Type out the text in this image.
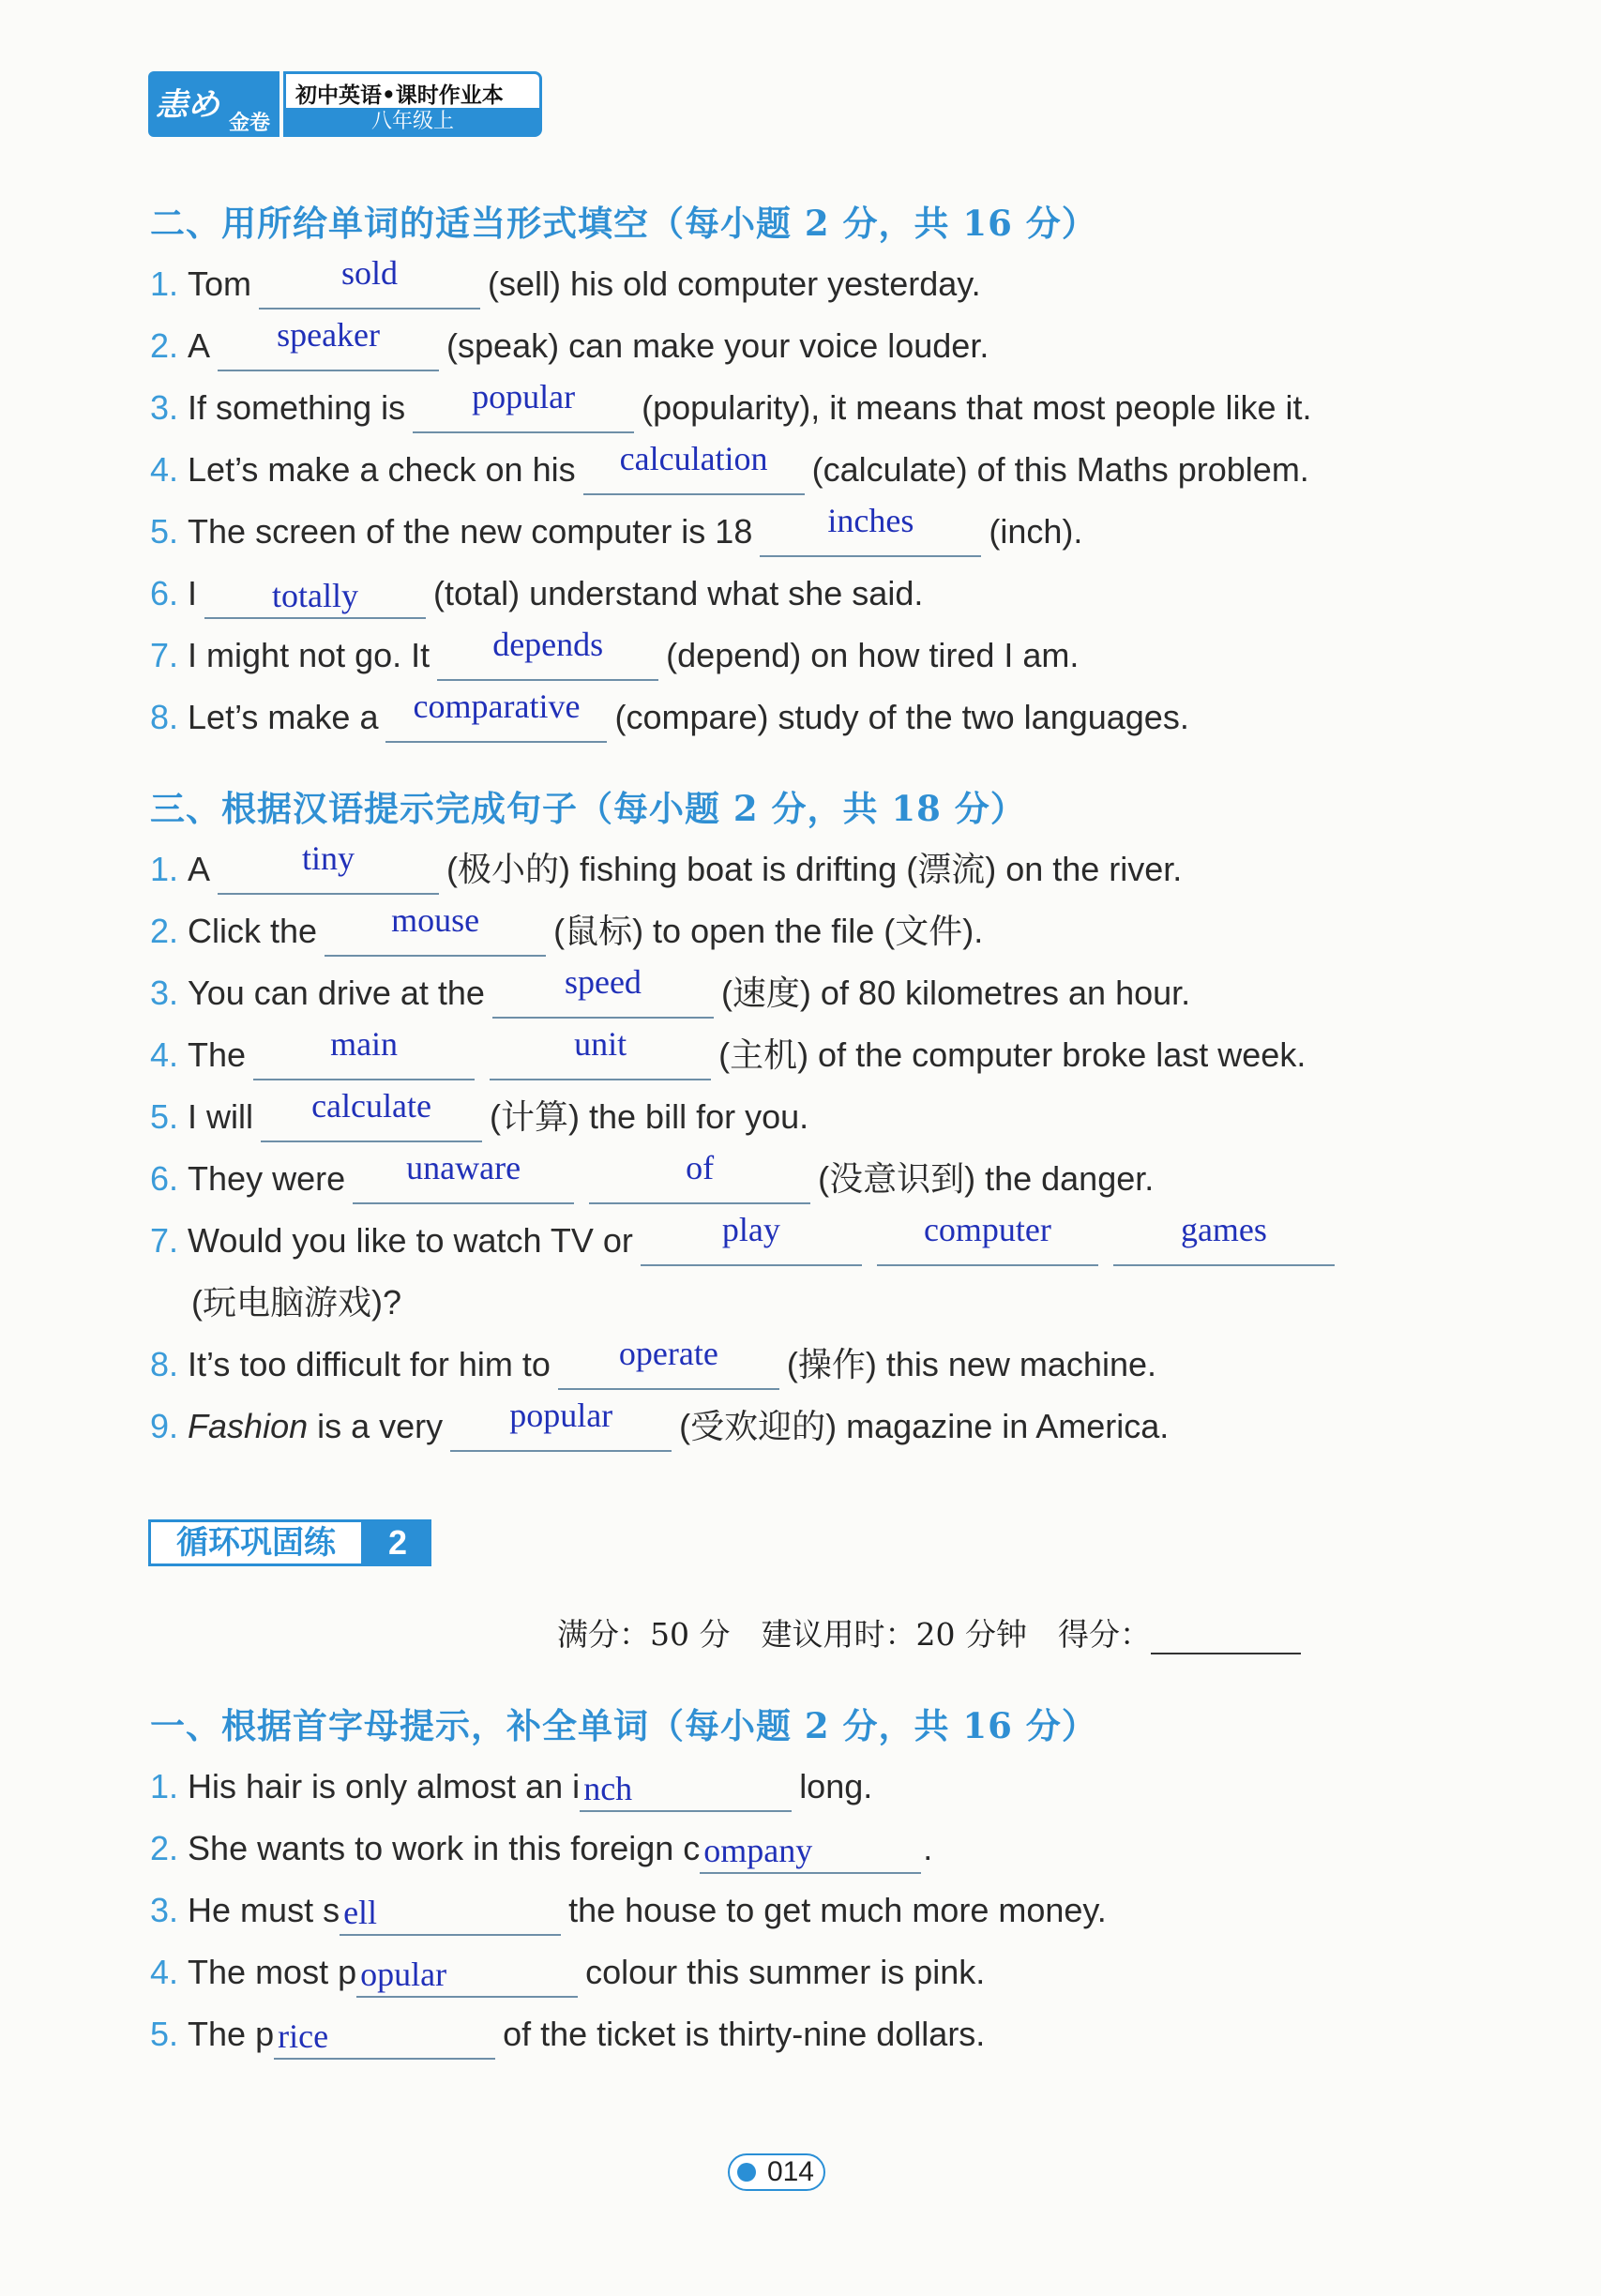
恚め 金卷
初中英语•课时作业本
八年级上
二、用所给单词的适当形式填空（每小题 2 分，共 16 分）
1. Tom	sold	(sell) his old computer yesterday.
2. A	speaker	(speak) can make your voice louder.
3. If something is	popular	(popularity), it means that most people like it.
4. Let’s make a check on his	calculation	(calculate) of this Maths problem.
5. The screen of the new computer is 18	inches	(inch).
6. I	totally	(total) understand what she said.
7. I might not go. It	depends	(depend) on how tired I am.
8. Let’s make a	comparative	(compare) study of the two languages.
三、根据汉语提示完成句子（每小题 2 分，共 18 分）
1. A	tiny	(极小的) fishing boat is drifting (漂流) on the river.
2. Click the	mouse	(鼠标) to open the file (文件).
3. You can drive at the	speed	(速度) of 80 kilometres an hour.
4. The	main	unit	(主机) of the computer broke last week.
5. I will	calculate	(计算) the bill for you.
6. They were	unaware	of	(没意识到) the danger.
7. Would you like to watch TV or	play	computer	games
(玩电脑游戏)?
8. It’s too difficult for him to	operate	(操作) this new machine.
9. Fashion is a very	popular	(受欢迎的) magazine in America.
循环巩固练	2
满分：50 分　建议用时：20 分钟　得分：
一、根据首字母提示，补全单词（每小题 2 分，共 16 分）
1. His hair is only almost an i nch	long.
2. She wants to work in this foreign c ompany	.
3. He must s ell	the house to get much more money.
4. The most p opular	colour this summer is pink.
5. The p rice	of the ticket is thirty-nine dollars.
014
